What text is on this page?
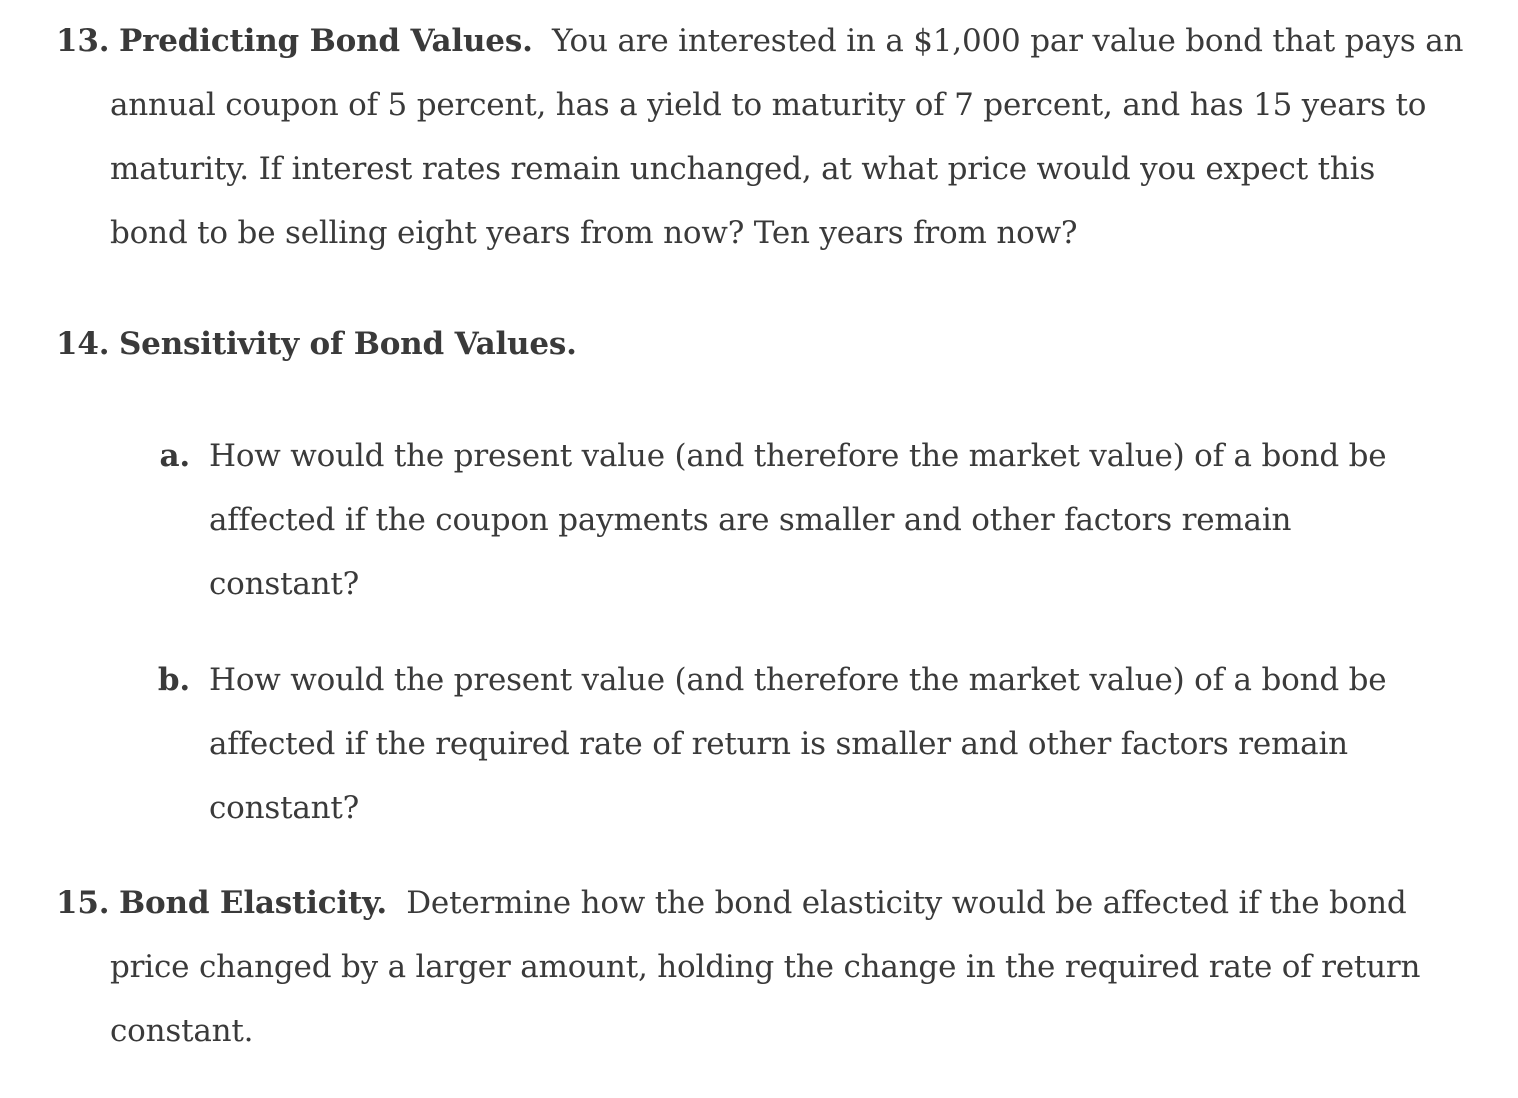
13. Predicting Bond Values. You are interested in a $1,000 par value bond that pays an
annual coupon of 5 percent, has a yield to maturity of 7 percent, and has 15 years to
maturity. If interest rates remain unchanged, at what price would you expect this
bond to be selling eight years from now? Ten years from now?
14. Sensitivity of Bond Values.
a. How would the present value (and therefore the market value) of a bond be
affected if the coupon payments are smaller and other factors remain
constant?
b. How would the present value (and therefore the market value) of a bond be
affected if the required rate of return is smaller and other factors remain
constant?
15. Bond Elasticity. Determine how the bond elasticity would be affected if the bond
price changed by a larger amount, holding the change in the required rate of return
constant.
